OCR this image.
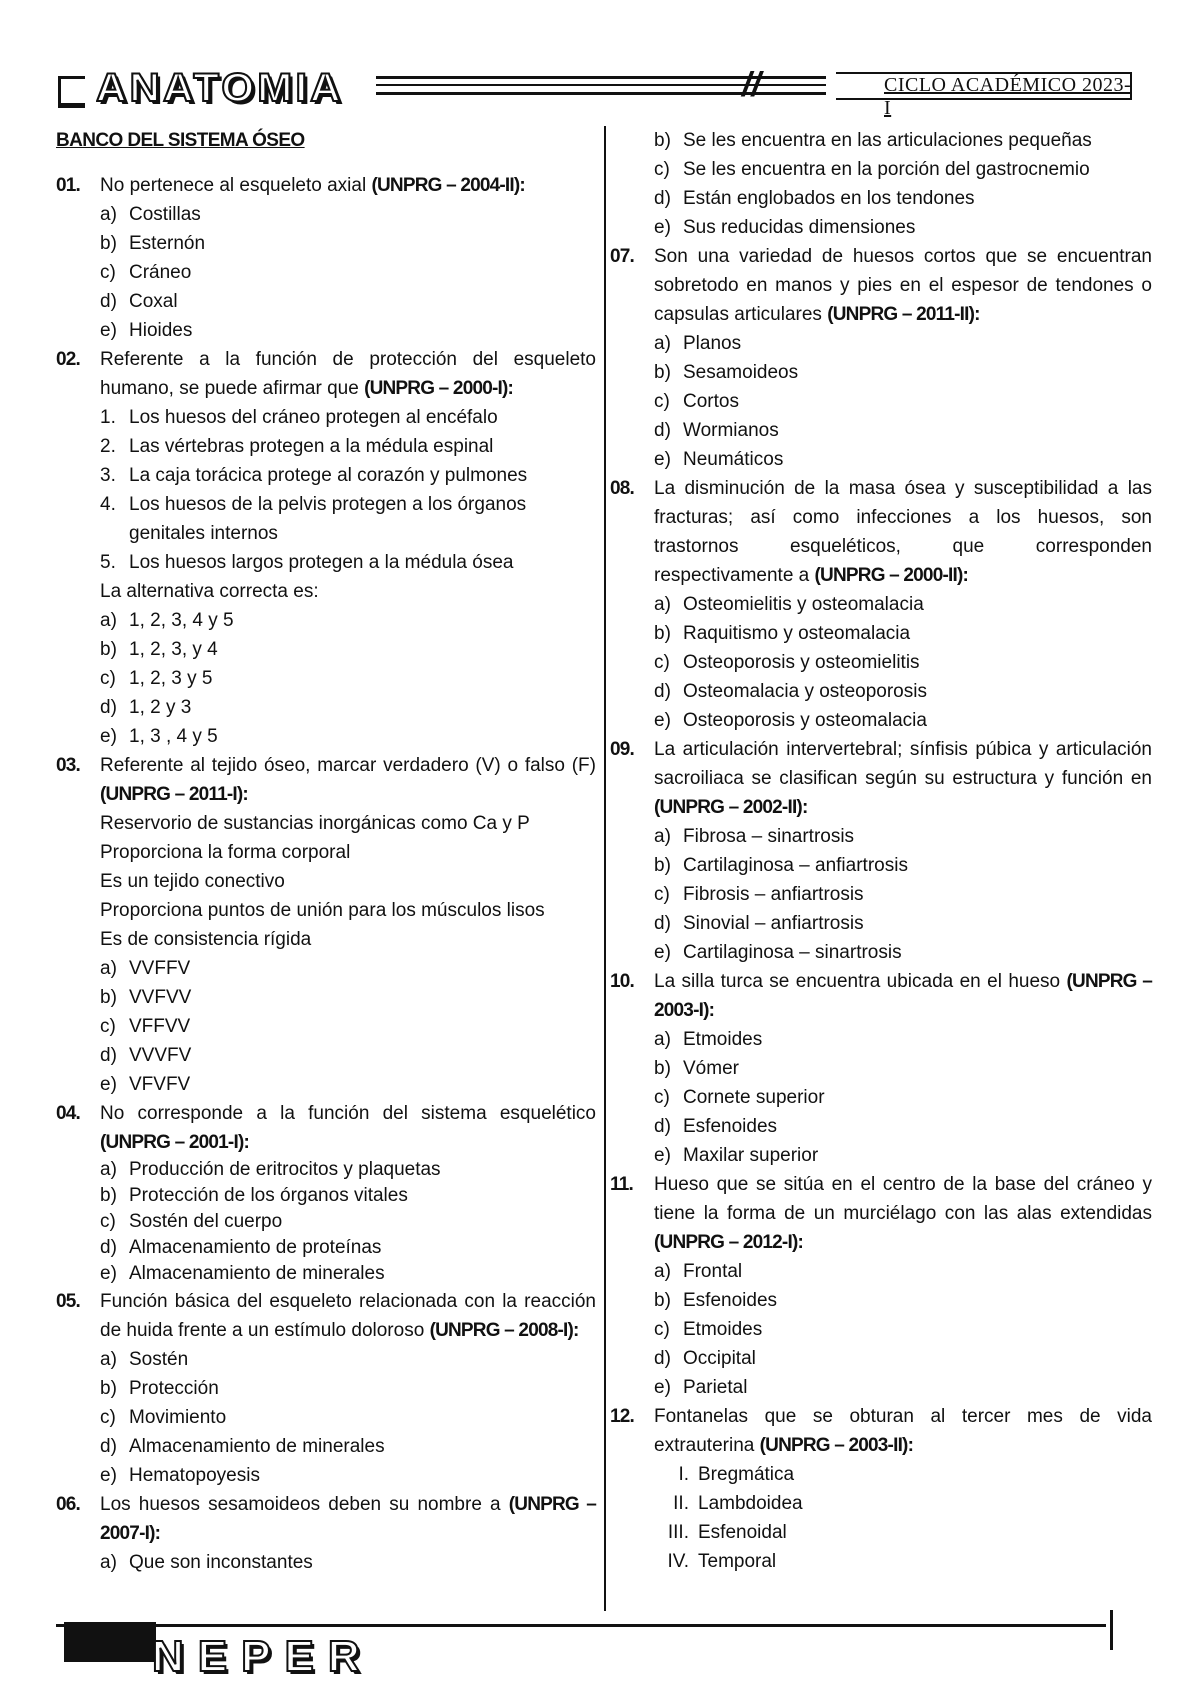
ANATOMIA	//	CICLO ACADÉMICO 2023-I
BANCO DEL SISTEMA ÓSEO
01.	No pertenece al esqueleto axial (UNPRG – 2004-II):
a) Costillas
b) Esternón
c) Cráneo
d) Coxal
e) Hioides
02.	Referente a la función de protección del esqueleto humano, se puede afirmar que (UNPRG – 2000-I):
1. Los huesos del cráneo protegen al encéfalo
2. Las vértebras protegen a la médula espinal
3. La caja torácica protege al corazón y pulmones
4. Los huesos de la pelvis protegen a los órganos genitales internos
5. Los huesos largos protegen a la médula ósea
La alternativa correcta es:
a) 1, 2, 3, 4 y 5
b) 1, 2, 3, y 4
c) 1, 2, 3 y 5
d) 1, 2 y 3
e) 1, 3 , 4 y 5
03.	Referente al tejido óseo, marcar verdadero (V) o falso (F) (UNPRG – 2011-I):
Reservorio de sustancias inorgánicas como Ca y P
Proporciona la forma corporal
Es un tejido conectivo
Proporciona puntos de unión para los músculos lisos
Es de consistencia rígida
a) VVFFV
b) VVFVV
c) VFFVV
d) VVVFV
e) VFVFV
04.	No corresponde a la función del sistema esquelético (UNPRG – 2001-I):
a) Producción de eritrocitos y plaquetas
b) Protección de los órganos vitales
c) Sostén del cuerpo
d) Almacenamiento de proteínas
e) Almacenamiento de minerales
05.	Función básica del esqueleto relacionada con la reacción de huida frente a un estímulo doloroso (UNPRG – 2008-I):
a) Sostén
b) Protección
c) Movimiento
d) Almacenamiento de minerales
e) Hematopoyesis
06.	Los huesos sesamoideos deben su nombre a (UNPRG – 2007-I):
a) Que son inconstantes
b) Se les encuentra en las articulaciones pequeñas
c) Se les encuentra en la porción del gastrocnemio
d) Están englobados en los tendones
e) Sus reducidas dimensiones
07.	Son una variedad de huesos cortos que se encuentran sobretodo en manos y pies en el espesor de tendones o capsulas articulares (UNPRG – 2011-II):
a) Planos
b) Sesamoideos
c) Cortos
d) Wormianos
e) Neumáticos
08.	La disminución de la masa ósea y susceptibilidad a las fracturas; así como infecciones a los huesos, son trastornos esqueléticos, que corresponden respectivamente a (UNPRG – 2000-II):
a) Osteomielitis y osteomalacia
b) Raquitismo y osteomalacia
c) Osteoporosis y osteomielitis
d) Osteomalacia y osteoporosis
e) Osteoporosis y osteomalacia
09.	La articulación intervertebral; sínfisis púbica y articulación sacroiliaca se clasifican según su estructura y función en (UNPRG – 2002-II):
a) Fibrosa – sinartrosis
b) Cartilaginosa – anfiartrosis
c) Fibrosis – anfiartrosis
d) Sinovial – anfiartrosis
e) Cartilaginosa – sinartrosis
10.	La silla turca se encuentra ubicada en el hueso (UNPRG – 2003-I):
a) Etmoides
b) Vómer
c) Cornete superior
d) Esfenoides
e) Maxilar superior
11.	Hueso que se sitúa en el centro de la base del cráneo y tiene la forma de un murciélago con las alas extendidas (UNPRG – 2012-I):
a) Frontal
b) Esfenoides
c) Etmoides
d) Occipital
e) Parietal
12.	Fontanelas que se obturan al tercer mes de vida extrauterina (UNPRG – 2003-II):
I. Bregmática
II. Lambdoidea
III. Esfenoidal
IV. Temporal
NEPER
